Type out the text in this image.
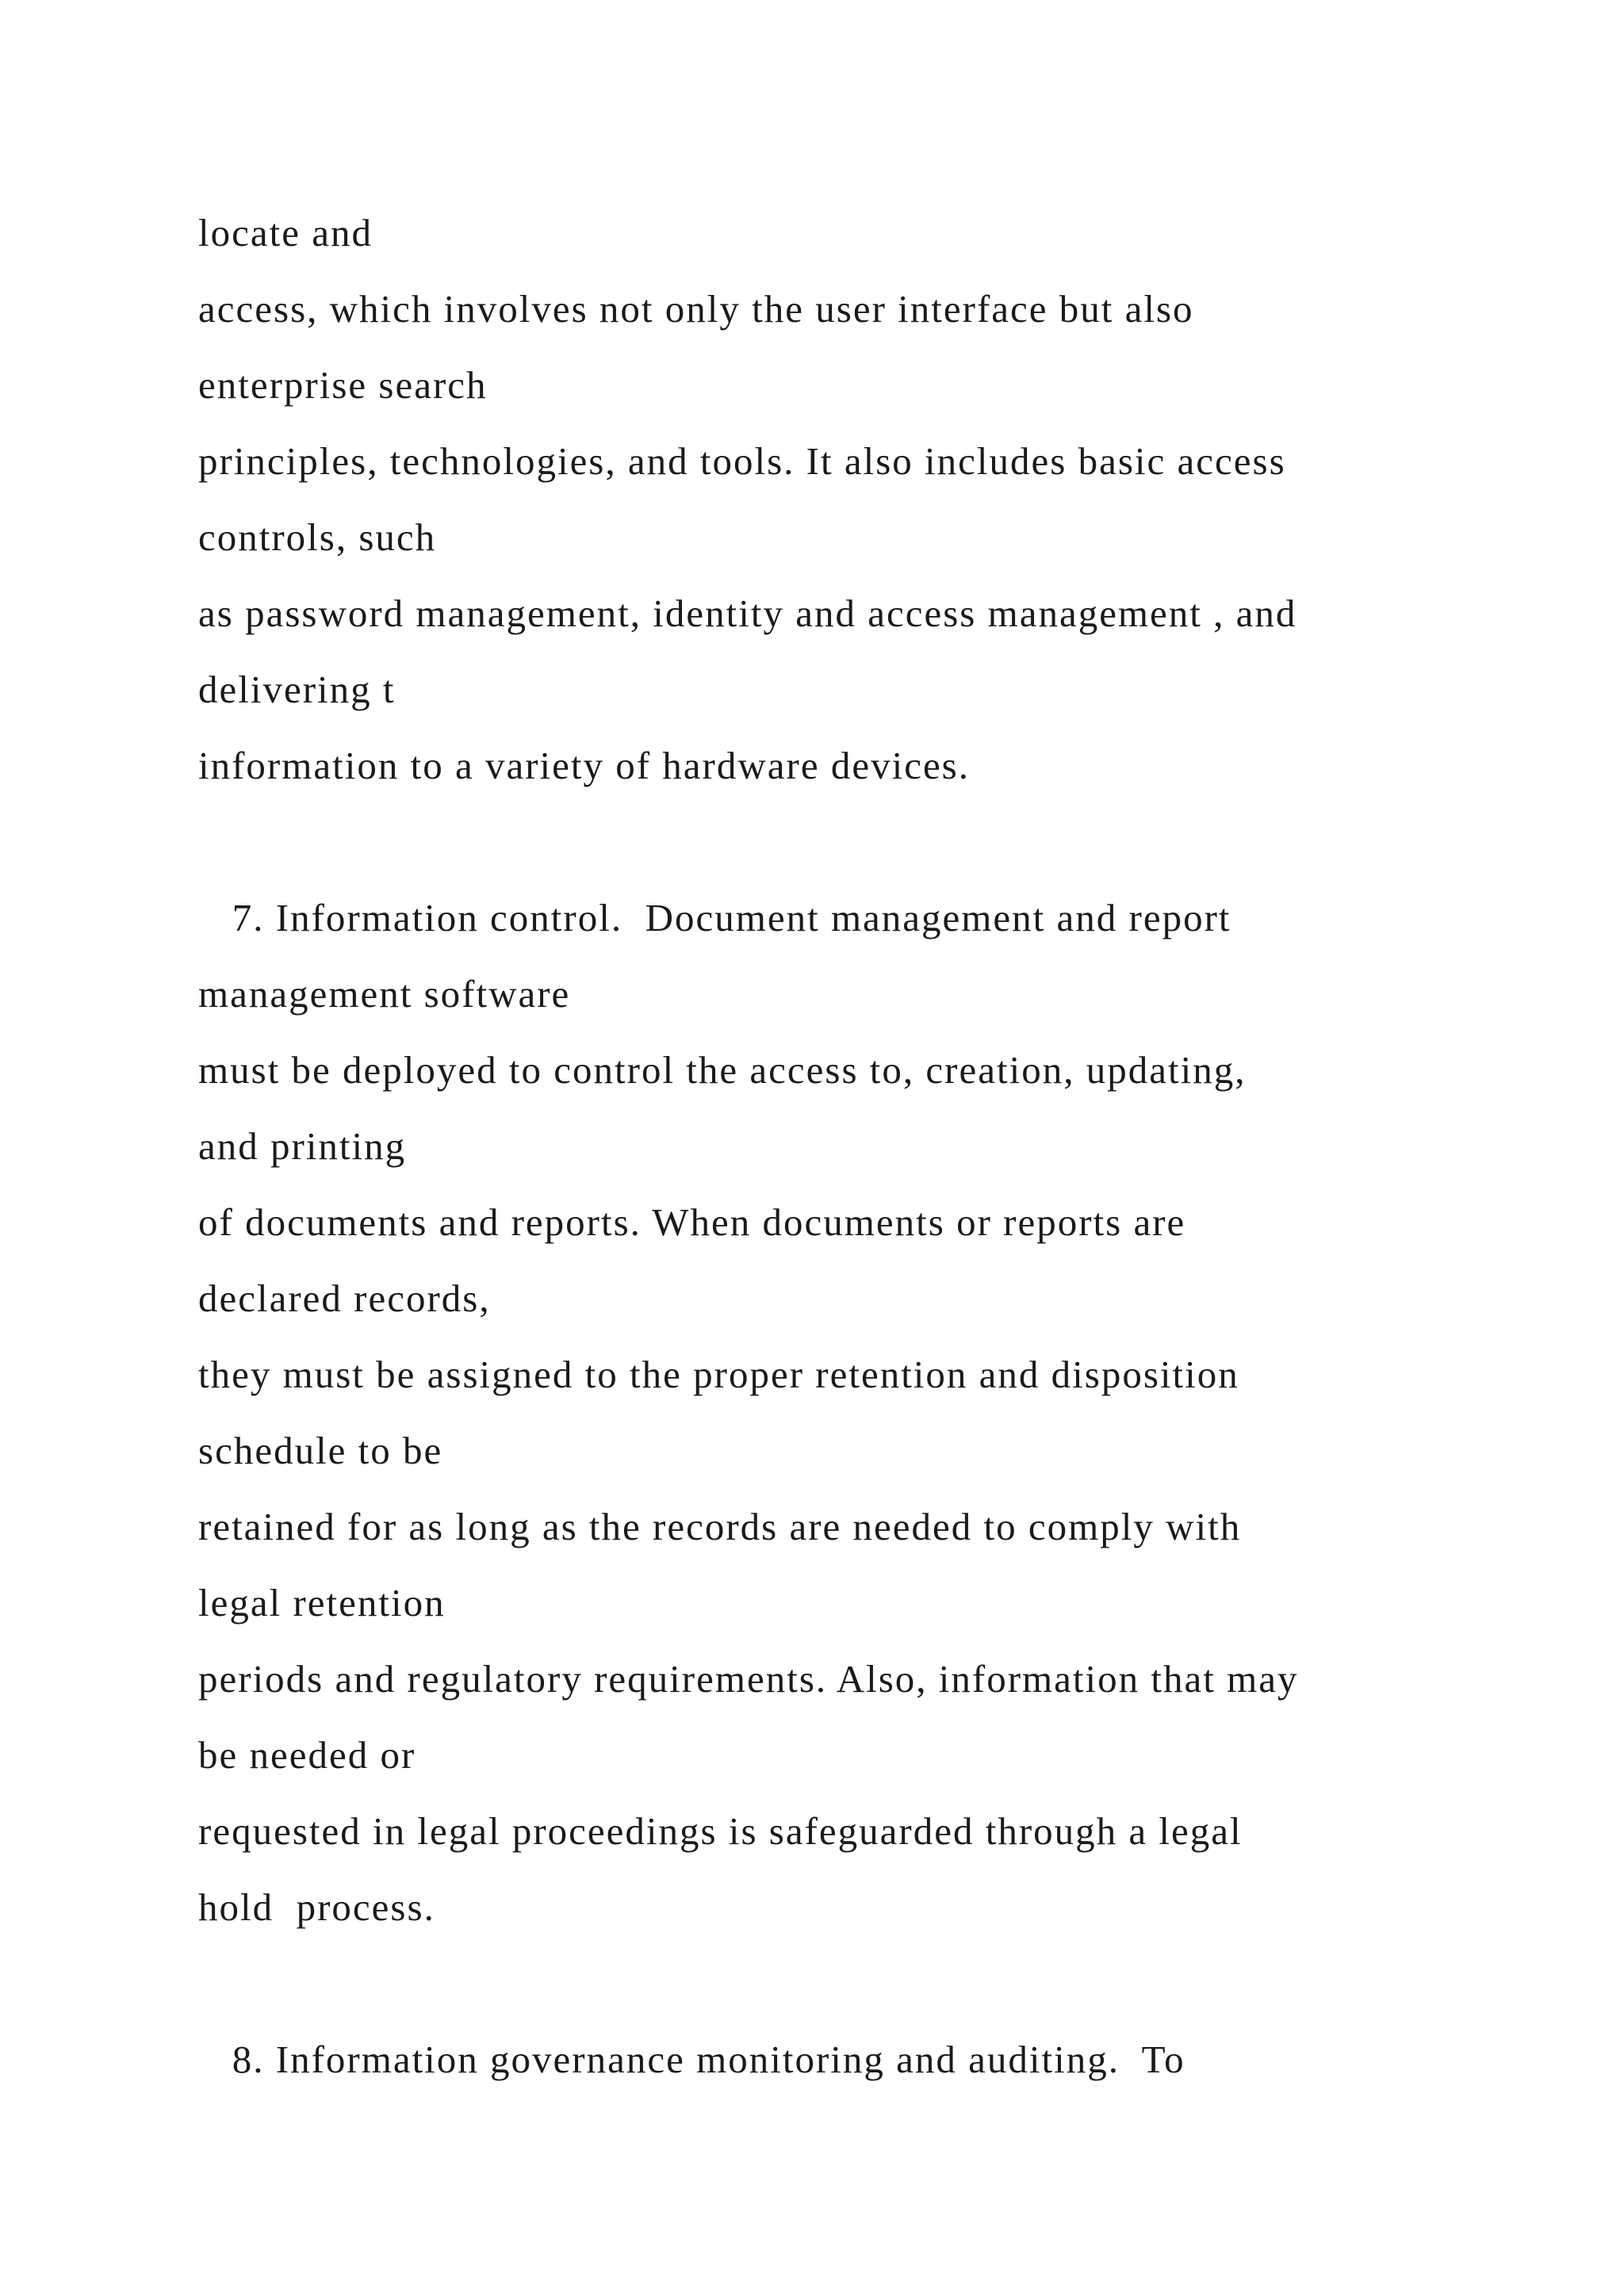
locate and
access, which involves not only the user interface but also
enterprise search
principles, technologies, and tools. It also includes basic access
controls, such
as password management, identity and access management , and
delivering t
information to a variety of hardware devices.
7. Information control.  Document management and report
management software
must be deployed to control the access to, creation, updating,
and printing
of documents and reports. When documents or reports are
declared records,
they must be assigned to the proper retention and disposition
schedule to be
retained for as long as the records are needed to comply with
legal retention
periods and regulatory requirements. Also, information that may
be needed or
requested in legal proceedings is safeguarded through a legal
hold  process.
8. Information governance monitoring and auditing.  To
